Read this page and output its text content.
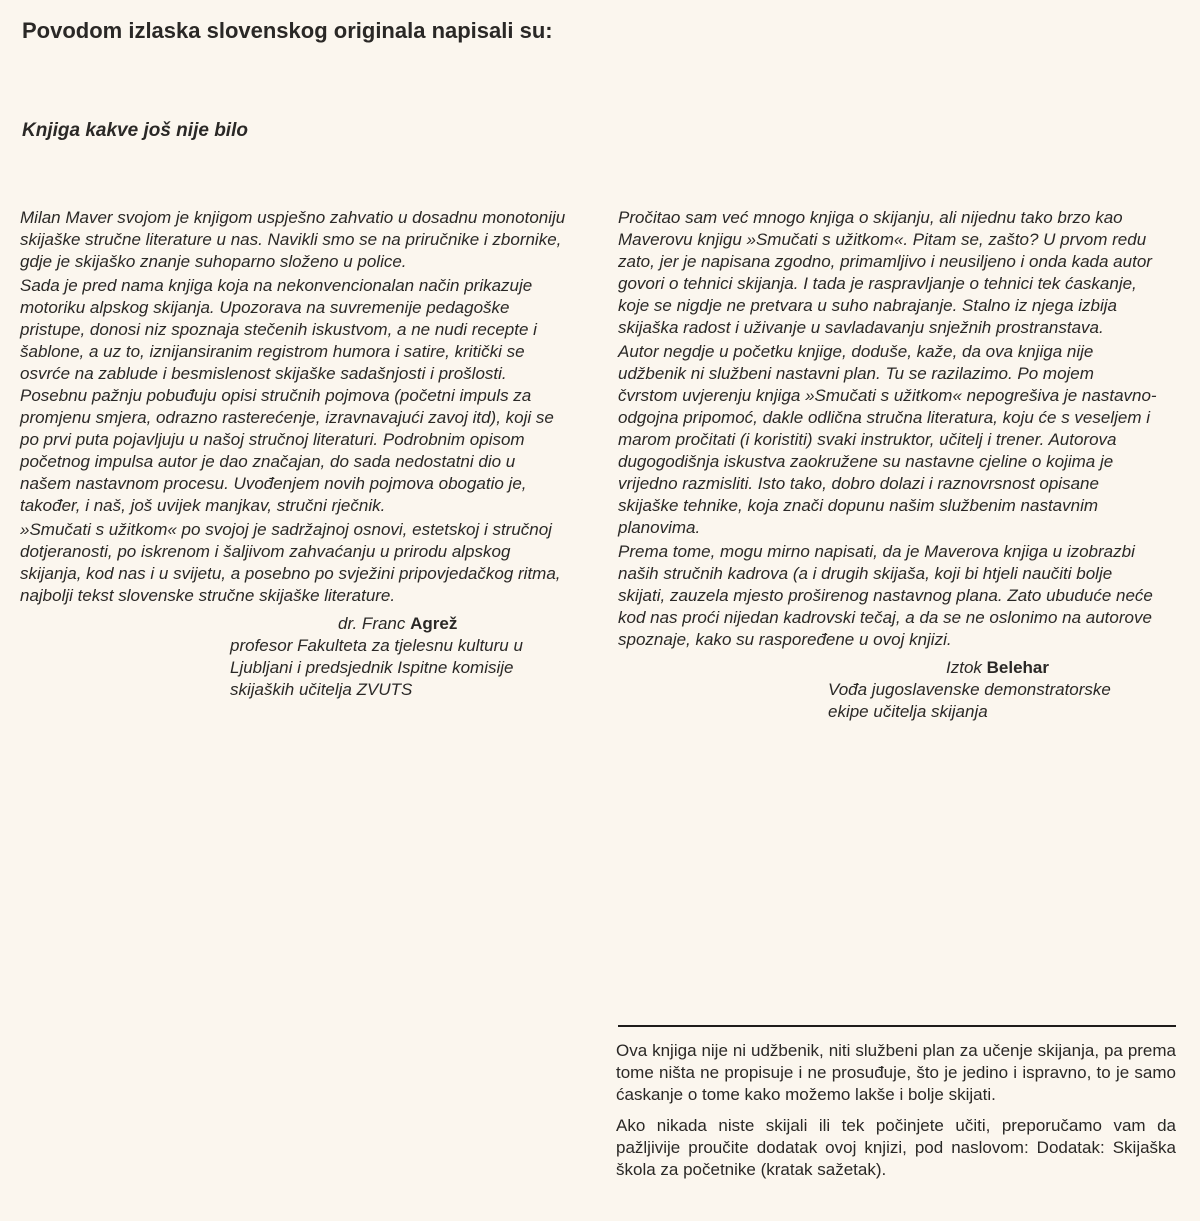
Povodom izlaska slovenskog originala napisali su:
Knjiga kakve još nije bilo

Milan Maver svojom je knjigom uspješno zahvatio u dosadnu monotoniju skijaške stručne literature u nas. Navikli smo se na priručnike i zbornike, gdje je skijaško znanje suhoparno složeno u police.

Sada je pred nama knjiga koja na nekonvencionalan način prikazuje motoriku alpskog skijanja. Upozorava na suvremenije pedagoške pristupe, donosi niz spoznaja stečenih iskustvom, a ne nudi recepte i šablone, a uz to, iznijansiranim registrom humora i satire, kritički se osvrće na zablude i besmislenost skijaške sadašnjosti i prošlosti. Posebnu pažnju pobuđuju opisi stručnih pojmova (početni impuls za promjenu smjera, odrazno rasterećenje, izravnavajući zavoj itd), koji se po prvi puta pojavljuju u našoj stručnoj literaturi. Podrobnim opisom početnog impulsa autor je dao značajan, do sada nedostatni dio u našem nastavnom procesu. Uvođenjem novih pojmova obogatio je, također, i naš, još uvijek manjkav, stručni rječnik.

»Smučati s užitkom« po svojoj je sadržajnoj osnovi, estetskoj i stručnoj dotjeranosti, po iskrenom i šaljivom zahvaćanju u prirodu alpskog skijanja, kod nas i u svijetu, a posebno po svježini pripovjedačkog ritma, najbolji tekst slovenske stručne skijaške literature.

dr. Franc Agrež

profesor Fakulteta za tjelesnu kulturu u

Ljubljani i predsjednik Ispitne komisije

skijaških učitelja ZVUTS

Pročitao sam već mnogo knjiga o skijanju, ali nijednu tako brzo kao Maverovu knjigu »Smučati s užitkom«. Pitam se, zašto? U prvom redu zato, jer je napisana zgodno, primamljivo i neusiljeno i onda kada autor govori o tehnici skijanja. I tada je raspravljanje o tehnici tek ćaskanje, koje se nigdje ne pretvara u suho nabrajanje. Stalno iz njega izbija skijaška radost i uživanje u savladavanju snježnih prostranstava.

Autor negdje u početku knjige, doduše, kaže, da ova knjiga nije udžbenik ni službeni nastavni plan. Tu se razilazimo. Po mojem čvrstom uvjerenju knjiga »Smučati s užitkom« nepogrešiva je nastavno-odgojna pripomoć, dakle odlična stručna literatura, koju će s veseljem i marom pročitati (i koristiti) svaki instruktor, učitelj i trener. Autorova dugogodišnja iskustva zaokružene su nastavne cjeline o kojima je vrijedno razmisliti. Isto tako, dobro dolazi i raznovrsnost opisane skijaške tehnike, koja znači dopunu našim službenim nastavnim planovima.

Prema tome, mogu mirno napisati, da je Maverova knjiga u izobrazbi naših stručnih kadrova (a i drugih skijaša, koji bi htjeli naučiti bolje skijati, zauzela mjesto proširenog nastavnog plana. Zato ubuduće neće kod nas proći nijedan kadrovski tečaj, a da se ne oslonimo na autorove spoznaje, kako su raspoređene u ovoj knjizi.

Iztok Belehar

Vođa jugoslavenske demonstratorske

ekipe učitelja skijanja

Ova knjiga nije ni udžbenik, niti službeni plan za učenje skijanja, pa prema tome ništa ne propisuje i ne prosuđuje, što je jedino i ispravno, to je samo ćaskanje o tome kako možemo lakše i bolje skijati.

Ako nikada niste skijali ili tek počinjete učiti, preporučamo vam da pažljivije proučite dodatak ovoj knjizi, pod naslovom: Dodatak: Skijaška škola za početnike (kratak sažetak).
